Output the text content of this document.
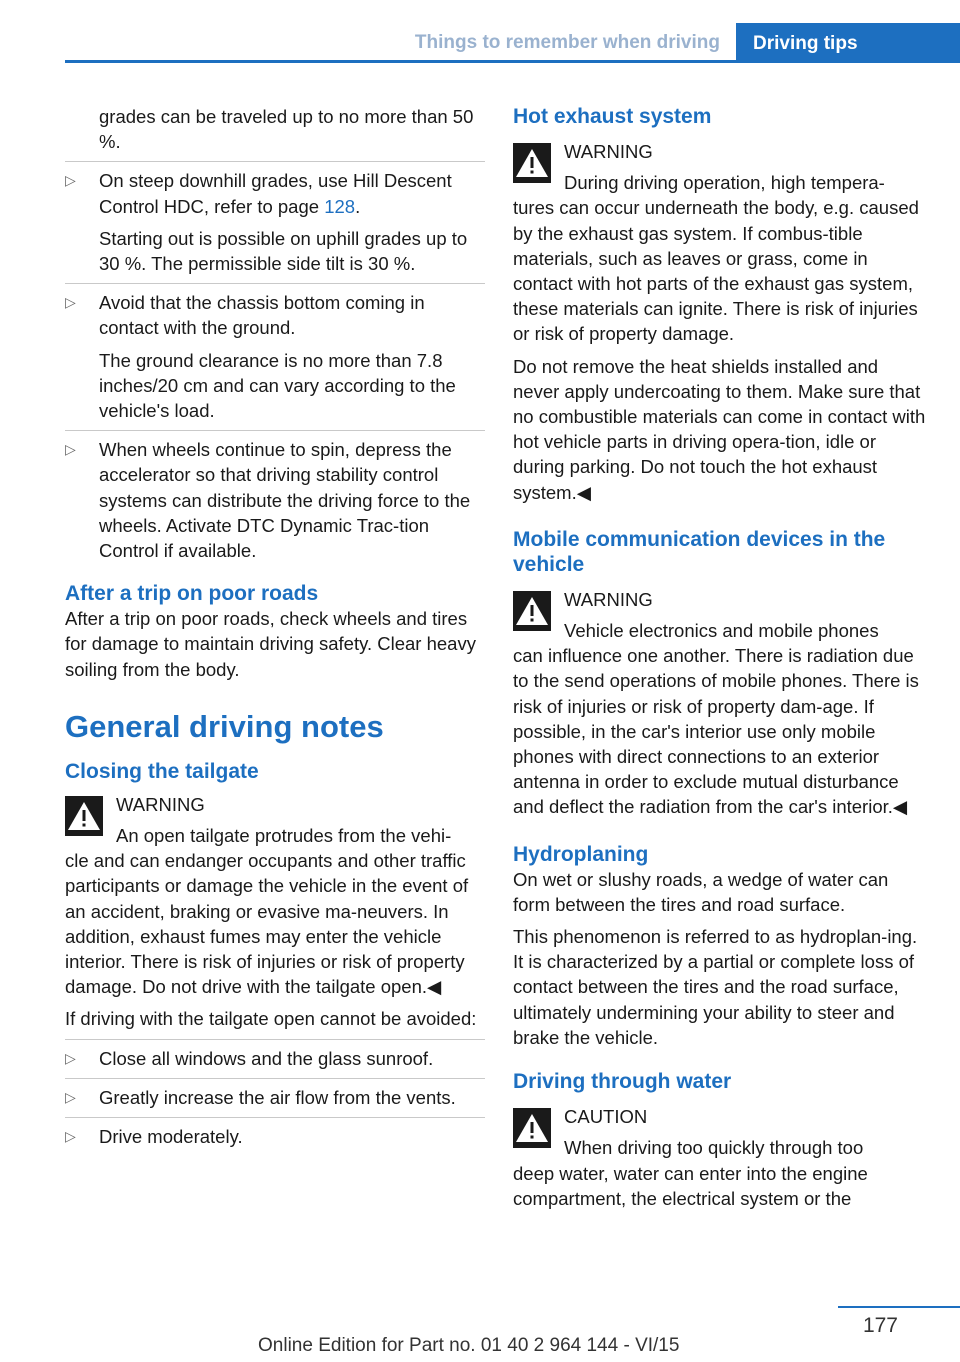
Things to remember when driving	Driving tips

grades can be traveled up to no more than 50 %.

▷ On steep downhill grades, use Hill Descent Control HDC, refer to page 128.

Starting out is possible on uphill grades up to 30 %. The permissible side tilt is 30 %.

▷ Avoid that the chassis bottom coming in contact with the ground.

The ground clearance is no more than 7.8 inches/20 cm and can vary according to the vehicle's load.

▷ When wheels continue to spin, depress the accelerator so that driving stability control systems can distribute the driving force to the wheels. Activate DTC Dynamic Trac‐tion Control if available.

After a trip on poor roads

After a trip on poor roads, check wheels and tires for damage to maintain driving safety. Clear heavy soiling from the body.

General driving notes
Closing the tailgate

WARNING

An open tailgate protrudes from the vehi‐

cle and can endanger occupants and other traffic participants or damage the vehicle in the event of an accident, braking or evasive ma‐neuvers. In addition, exhaust fumes may enter the vehicle interior. There is risk of injuries or risk of property damage. Do not drive with the tailgate open.◀

If driving with the tailgate open cannot be avoided:

▷ Close all windows and the glass sunroof.

▷ Greatly increase the air flow from the vents.

▷ Drive moderately.

Hot exhaust system

WARNING

During driving operation, high tempera‐

tures can occur underneath the body, e.g. caused by the exhaust gas system. If combus‐tible materials, such as leaves or grass, come in contact with hot parts of the exhaust gas system, these materials can ignite. There is risk of injuries or risk of property damage.

Do not remove the heat shields installed and never apply undercoating to them. Make sure that no combustible materials can come in contact with hot vehicle parts in driving opera‐tion, idle or during parking. Do not touch the hot exhaust system.◀

Mobile communication devices in the vehicle

WARNING

Vehicle electronics and mobile phones

can influence one another. There is radiation due to the send operations of mobile phones. There is risk of injuries or risk of property dam‐age. If possible, in the car's interior use only mobile phones with direct connections to an exterior antenna in order to exclude mutual disturbance and deflect the radiation from the car's interior.◀

Hydroplaning

On wet or slushy roads, a wedge of water can form between the tires and road surface.

This phenomenon is referred to as hydroplan‐ing. It is characterized by a partial or complete loss of contact between the tires and the road surface, ultimately undermining your ability to steer and brake the vehicle.

Driving through water

CAUTION

When driving too quickly through too

deep water, water can enter into the engine compartment, the electrical system or the

177
Online Edition for Part no. 01 40 2 964 144 - VI/15
